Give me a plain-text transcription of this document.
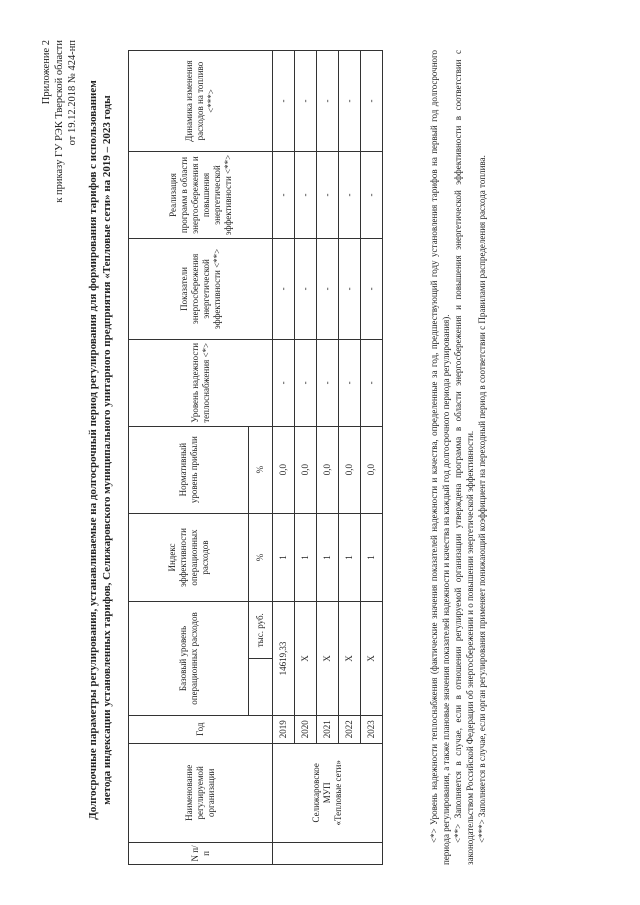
Приложение 2 к приказу ГУ РЭК Тверской области от 19.12.2018 № 424-нп Долгосрочные параметры регулирования, устанавливаемые на долгосрочный период регулирования для формирования тарифов с использованием метода индексации установленных тарифов, Селижаровского муниципального унитарного предприятия «Тепловые сети» на 2019 – 2023 годы
N п/п	Наименование регулируемой организации	Год	Базовый уровень операционных расходов		Индекс эффективности операционных расходов	Нормативный уровень прибыли	Уровень надежности теплоснабжения <*>	Показатели энергосбережения энергетической эффективности <**>	Реализация программ в области энергосбережения и повышения энергетической эффективности <**>	Динамика изменения расходов на топливо <***>
				тыс. руб.	%	%				

	Селижаровское МУП «Тепловые сети»	2019	14619,33		1	0,0	-	-	-	-
		2020	X		1	0,0	-	-	-	-
		2021	X		1	0,0	-	-	-	-
		2022	X		1	0,0	-	-	-	-
		2023	X		1	0,0	-	-	-	-	<*> Уровень надежности теплоснабжения (фактические значения показателей надежности и качества, определенные за год, предшествующий году установления тарифов на первый год долгосрочного периода регулирования, а также плановые значения показателей надежности и качества на каждый год долгосрочного периода регулирования). <**> Заполняется в случае, если в отношении регулируемой организации утверждена программа в области энергосбережения и повышения энергетической эффективности в соответствии с законодательством Российской Федерации об энергосбережении и о повышении энергетической эффективности. <***> Заполняется в случае, если орган регулирования применяет понижающий коэффициент на переходный период в соответствии с Правилами распределения расхода топлива.
